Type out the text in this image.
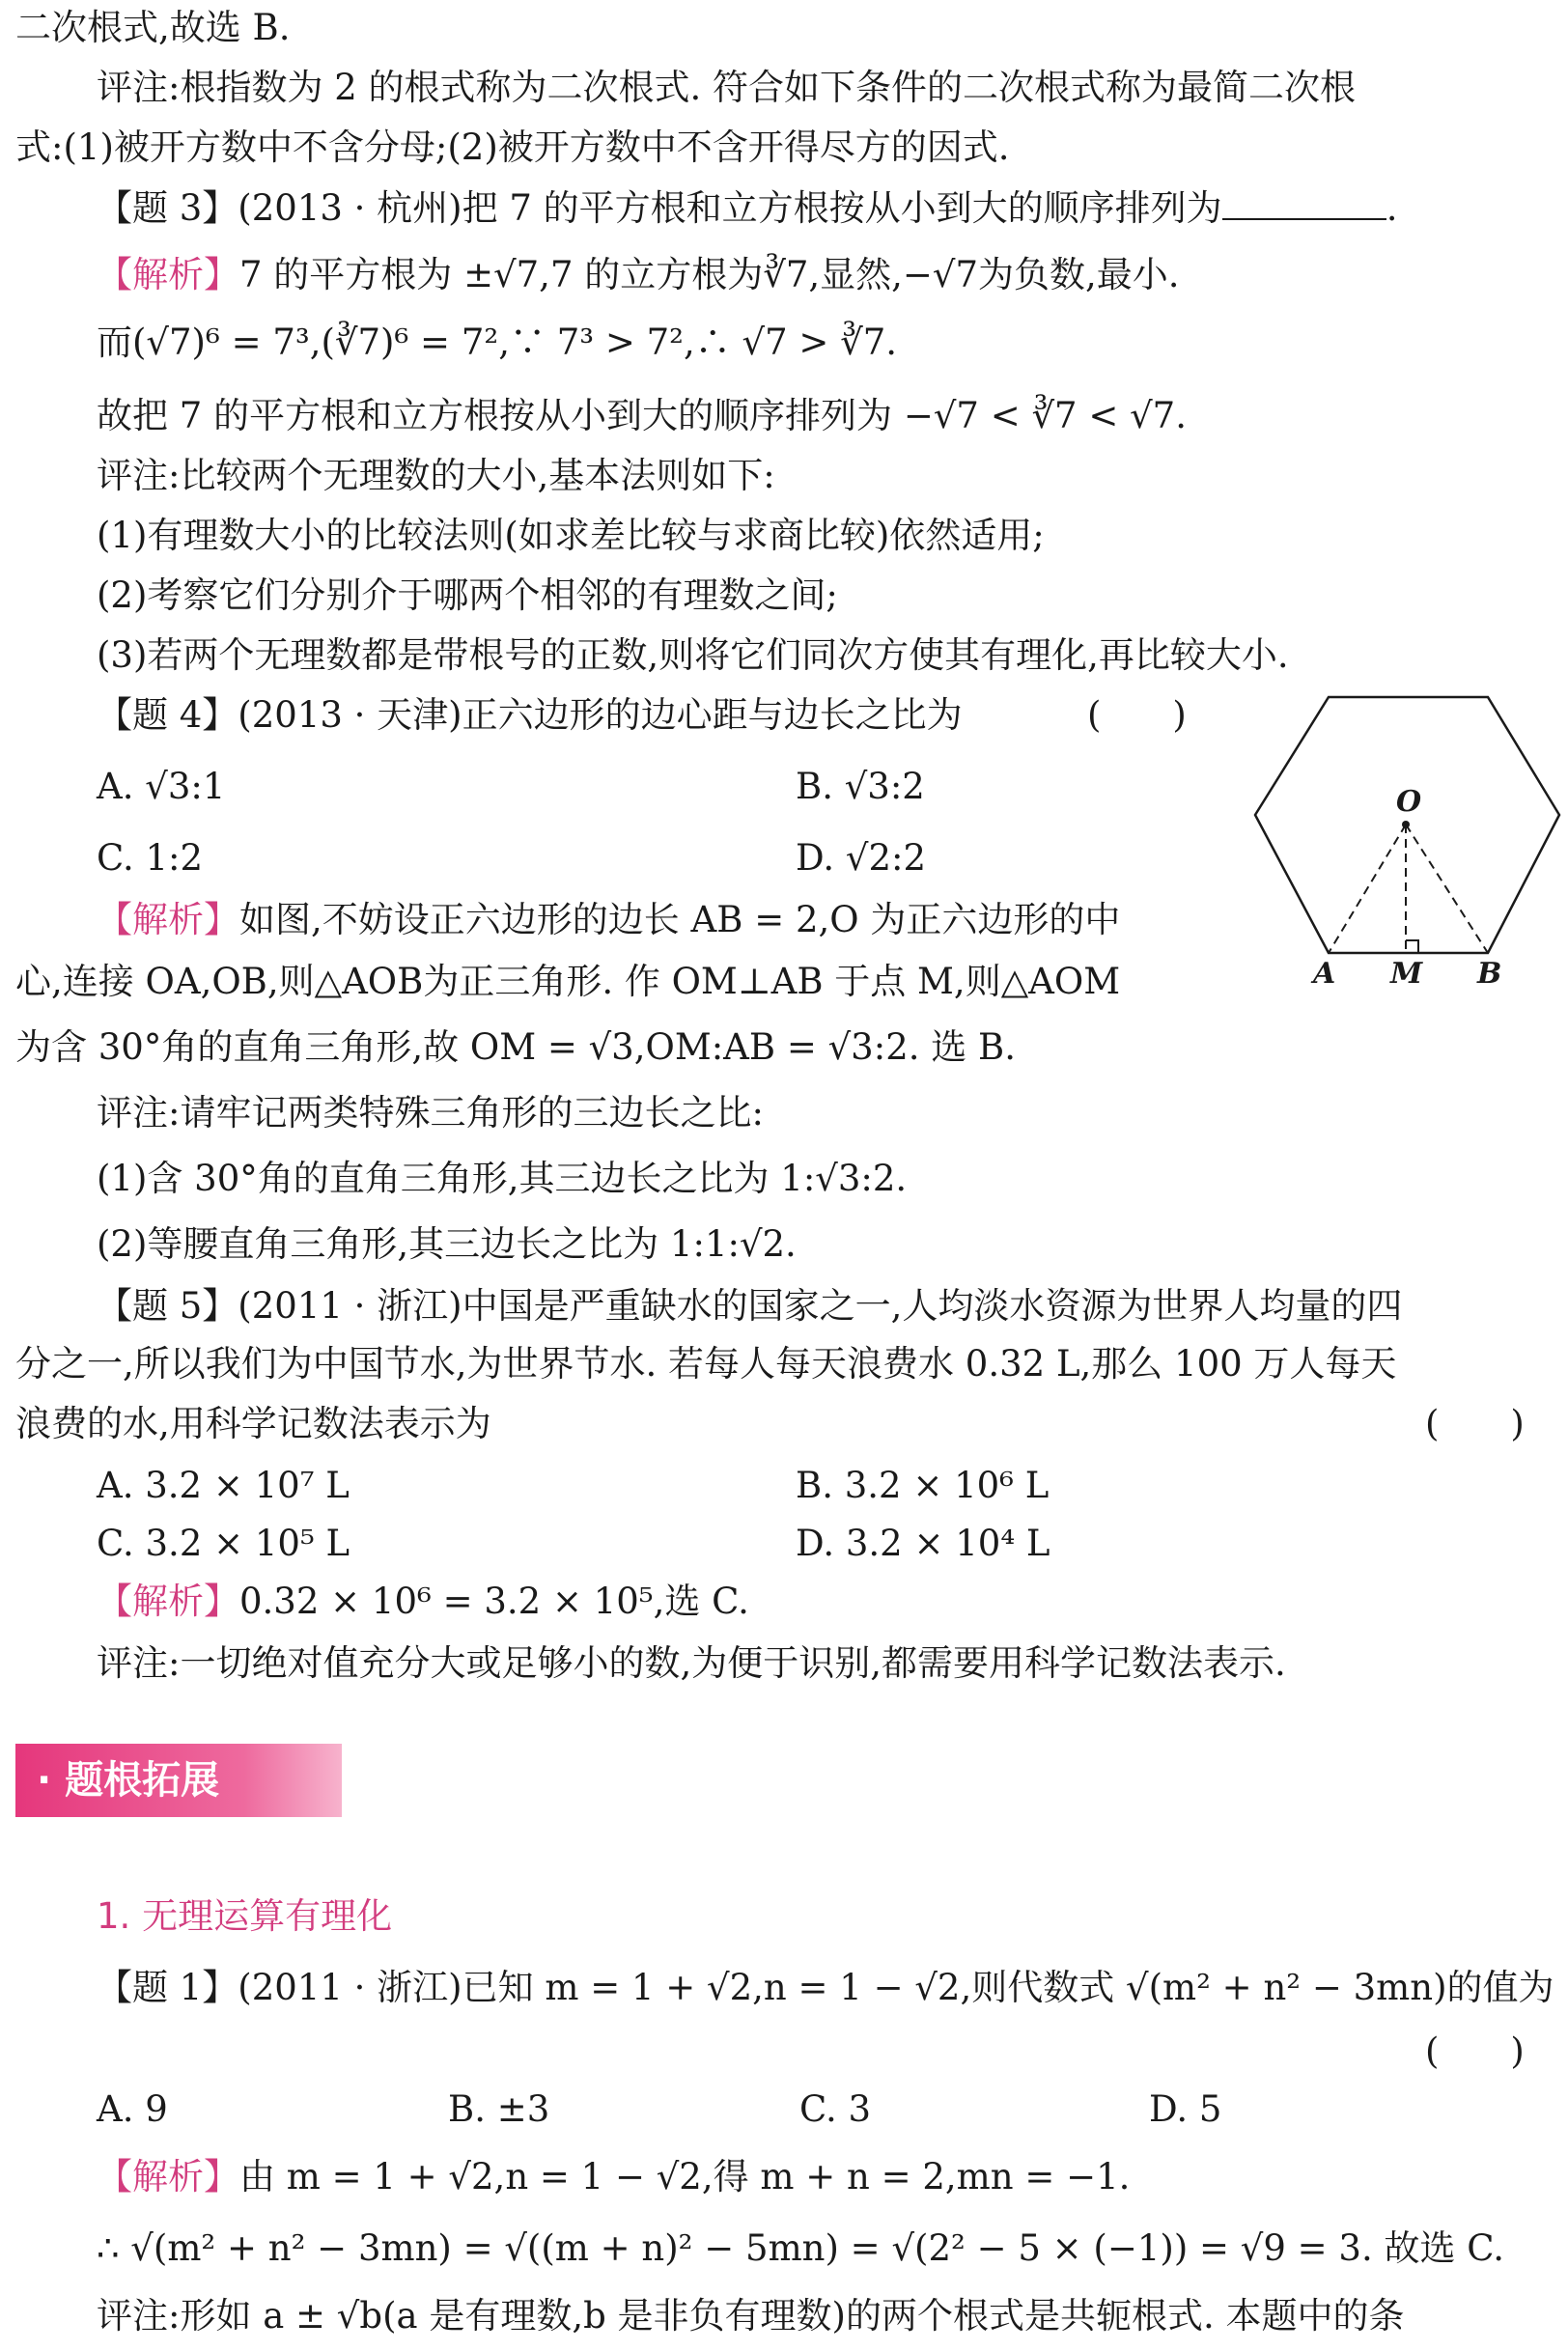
二次根式,故选 B.
评注:根指数为 2 的根式称为二次根式. 符合如下条件的二次根式称为最简二次根
式:(1)被开方数中不含分母;(2)被开方数中不含开得尽方的因式.
【题 3】(2013 · 杭州)把 7 的平方根和立方根按从小到大的顺序排列为	.
【解析】7 的平方根为 ±√7,7 的立方根为∛7,显然,−√7为负数,最小.
而(√7)⁶ = 7³,(∛7)⁶ = 7²,∵ 7³ > 7²,∴ √7 > ∛7.
故把 7 的平方根和立方根按从小到大的顺序排列为 −√7 < ∛7 < √7.
评注:比较两个无理数的大小,基本法则如下:
(1)有理数大小的比较法则(如求差比较与求商比较)依然适用;
(2)考察它们分别介于哪两个相邻的有理数之间;
(3)若两个无理数都是带根号的正数,则将它们同次方使其有理化,再比较大小.
【题 4】(2013 · 天津)正六边形的边心距与边长之比为	(　　)
A. √3:1	B. √3:2
C. 1:2	D. √2:2
O
A M B
【解析】如图,不妨设正六边形的边长 AB = 2,O 为正六边形的中
心,连接 OA,OB,则△AOB为正三角形. 作 OM⊥AB 于点 M,则△AOM
为含 30°角的直角三角形,故 OM = √3,OM:AB = √3:2. 选 B.
评注:请牢记两类特殊三角形的三边长之比:
(1)含 30°角的直角三角形,其三边长之比为 1:√3:2.
(2)等腰直角三角形,其三边长之比为 1:1:√2.
【题 5】(2011 · 浙江)中国是严重缺水的国家之一,人均淡水资源为世界人均量的四
分之一,所以我们为中国节水,为世界节水. 若每人每天浪费水 0.32 L,那么 100 万人每天
浪费的水,用科学记数法表示为	(　　)
A. 3.2 × 10⁷ L	B. 3.2 × 10⁶ L
C. 3.2 × 10⁵ L	D. 3.2 × 10⁴ L
【解析】0.32 × 10⁶ = 3.2 × 10⁵,选 C.
评注:一切绝对值充分大或足够小的数,为便于识别,都需要用科学记数法表示.
· 题根拓展
1. 无理运算有理化
【题 1】(2011 · 浙江)已知 m = 1 + √2,n = 1 − √2,则代数式 √(m² + n² − 3mn)的值为
(　　)
A. 9	B. ±3	C. 3	D. 5
【解析】由 m = 1 + √2,n = 1 − √2,得 m + n = 2,mn = −1.
∴ √(m² + n² − 3mn) = √((m + n)² − 5mn) = √(2² − 5 × (−1)) = √9 = 3. 故选 C.
评注:形如 a ± √b(a 是有理数,b 是非负有理数)的两个根式是共轭根式. 本题中的条
